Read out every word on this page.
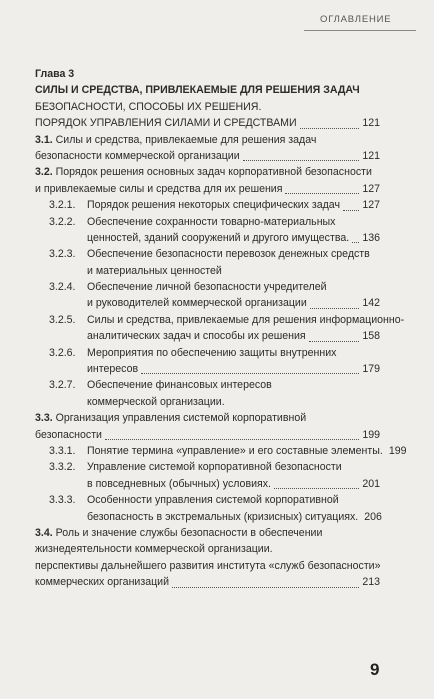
ОГЛАВЛЕНИЕ
Глава 3
СИЛЫ И СРЕДСТВА, ПРИВЛЕКАЕМЫЕ ДЛЯ РЕШЕНИЯ ЗАДАЧ
БЕЗОПАСНОСТИ, СПОСОБЫ ИХ РЕШЕНИЯ.
ПОРЯДОК УПРАВЛЕНИЯ СИЛАМИ И СРЕДСТВАМИ	121
3.1. Силы и средства, привлекаемые для решения задач
безопасности коммерческой организации	121
3.2. Порядок решения основных задач корпоративной безопасности
и привлекаемые силы и средства для их решения	127
3.2.1.	Порядок решения некоторых специфических задач 127
3.2.2.	Обеспечение сохранности товарно-материальных
ценностей, зданий сооружений и другого имущества. 136
3.2.3.	Обеспечение безопасности перевозок денежных средств
и материальных ценностей
3.2.4.	Обеспечение личной безопасности учредителей
и руководителей коммерческой организации	142
3.2.5.	Силы и средства, привлекаемые для решения информационно-
аналитических задач и способы их решения	158
3.2.6.	Мероприятия по обеспечению защиты внутренних
интересов	179
3.2.7.	Обеспечение финансовых интересов
коммерческой организации.
3.3. Организация управления системой корпоративной
безопасности	199
3.3.1.	Понятие термина «управление» и его составные элементы. 199
3.3.2.	Управление системой корпоративной безопасности
в повседневных (обычных) условиях.	201
3.3.3.	Особенности управления системой корпоративной
безопасность в экстремальных (кризисных) ситуациях. 206
3.4. Роль и значение службы безопасности в обеспечении
жизнедеятельности коммерческой организации.
перспективы дальнейшего развития института «служб безопасности»
коммерческих организаций	213
9
